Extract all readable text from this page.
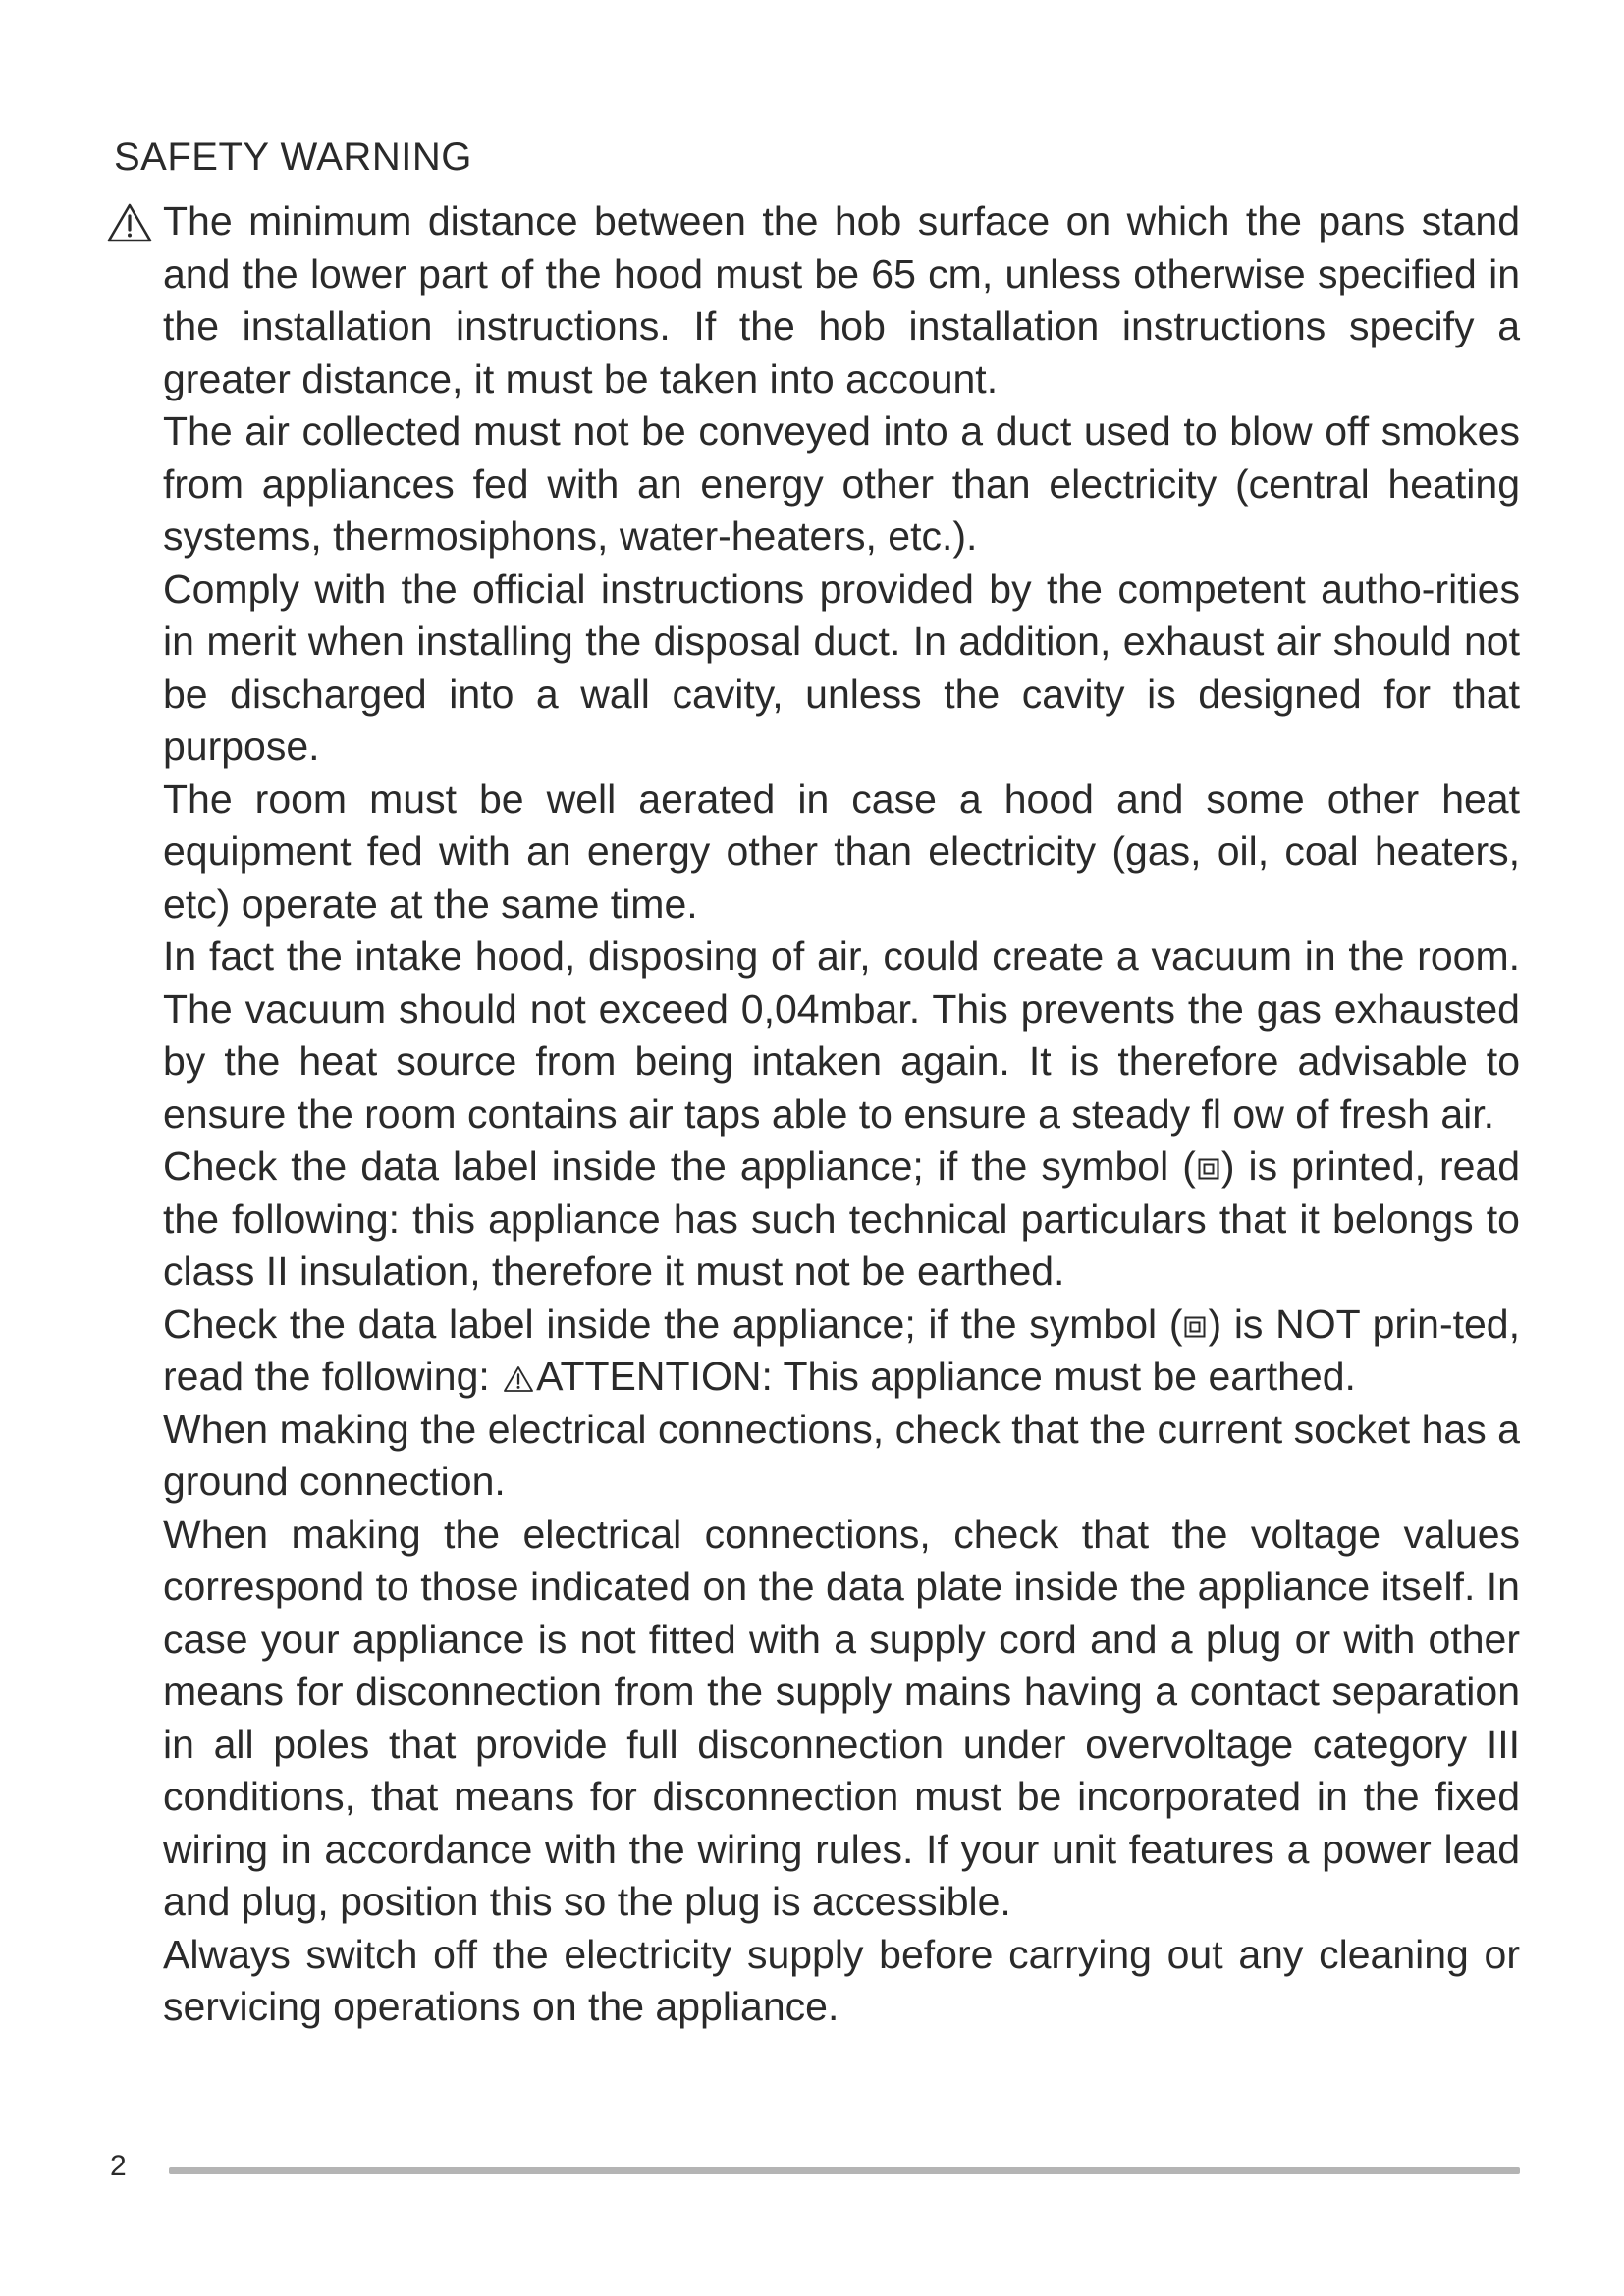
SAFETY WARNING

The minimum distance between the hob surface on which the pans stand and the lower part of the hood must be 65 cm, unless otherwise specified in the installation instructions. If the hob installation instructions specify a greater distance, it must be taken into account.

The air collected must not be conveyed into a duct used to blow off smokes from appliances fed with an energy other than electricity (central heating systems, thermosiphons, water-heaters, etc.).

Comply with the official instructions provided by the competent autho-rities in merit when installing the disposal duct. In addition, exhaust air should not be discharged into a wall cavity, unless the cavity is designed for that purpose.

The room must be well aerated in case a hood and some other heat equipment fed with an energy other than electricity (gas, oil, coal heaters, etc) operate at the same time.

In fact the intake hood, disposing of air, could create a vacuum in the room. The vacuum should not exceed 0,04mbar. This prevents the gas exhausted by the heat source from being intaken again. It is therefore advisable to ensure the room contains air taps able to ensure a steady fl ow of fresh air.

Check the data label inside the appliance; if the symbol ( ) is printed, read the following: this appliance has such technical particulars that it belongs to class II insulation, therefore it must not be earthed.

Check the data label inside the appliance; if the symbol ( ) is NOT prin-ted, read the following: ATTENTION: This appliance must be earthed.

When making the electrical connections, check that the current socket has a ground connection.

When making the electrical connections, check that the voltage values correspond to those indicated on the data plate inside the appliance itself. In case your appliance is not fitted with a supply cord and a plug or with other means for disconnection from the supply mains having a contact separation in all poles that provide full disconnection under overvoltage category III conditions, that means for disconnection must be incorporated in the fixed wiring in accordance with the wiring rules. If your unit features a power lead and plug, position this so the plug is accessible.

Always switch off the electricity supply before carrying out any cleaning or servicing operations on the appliance.

2
